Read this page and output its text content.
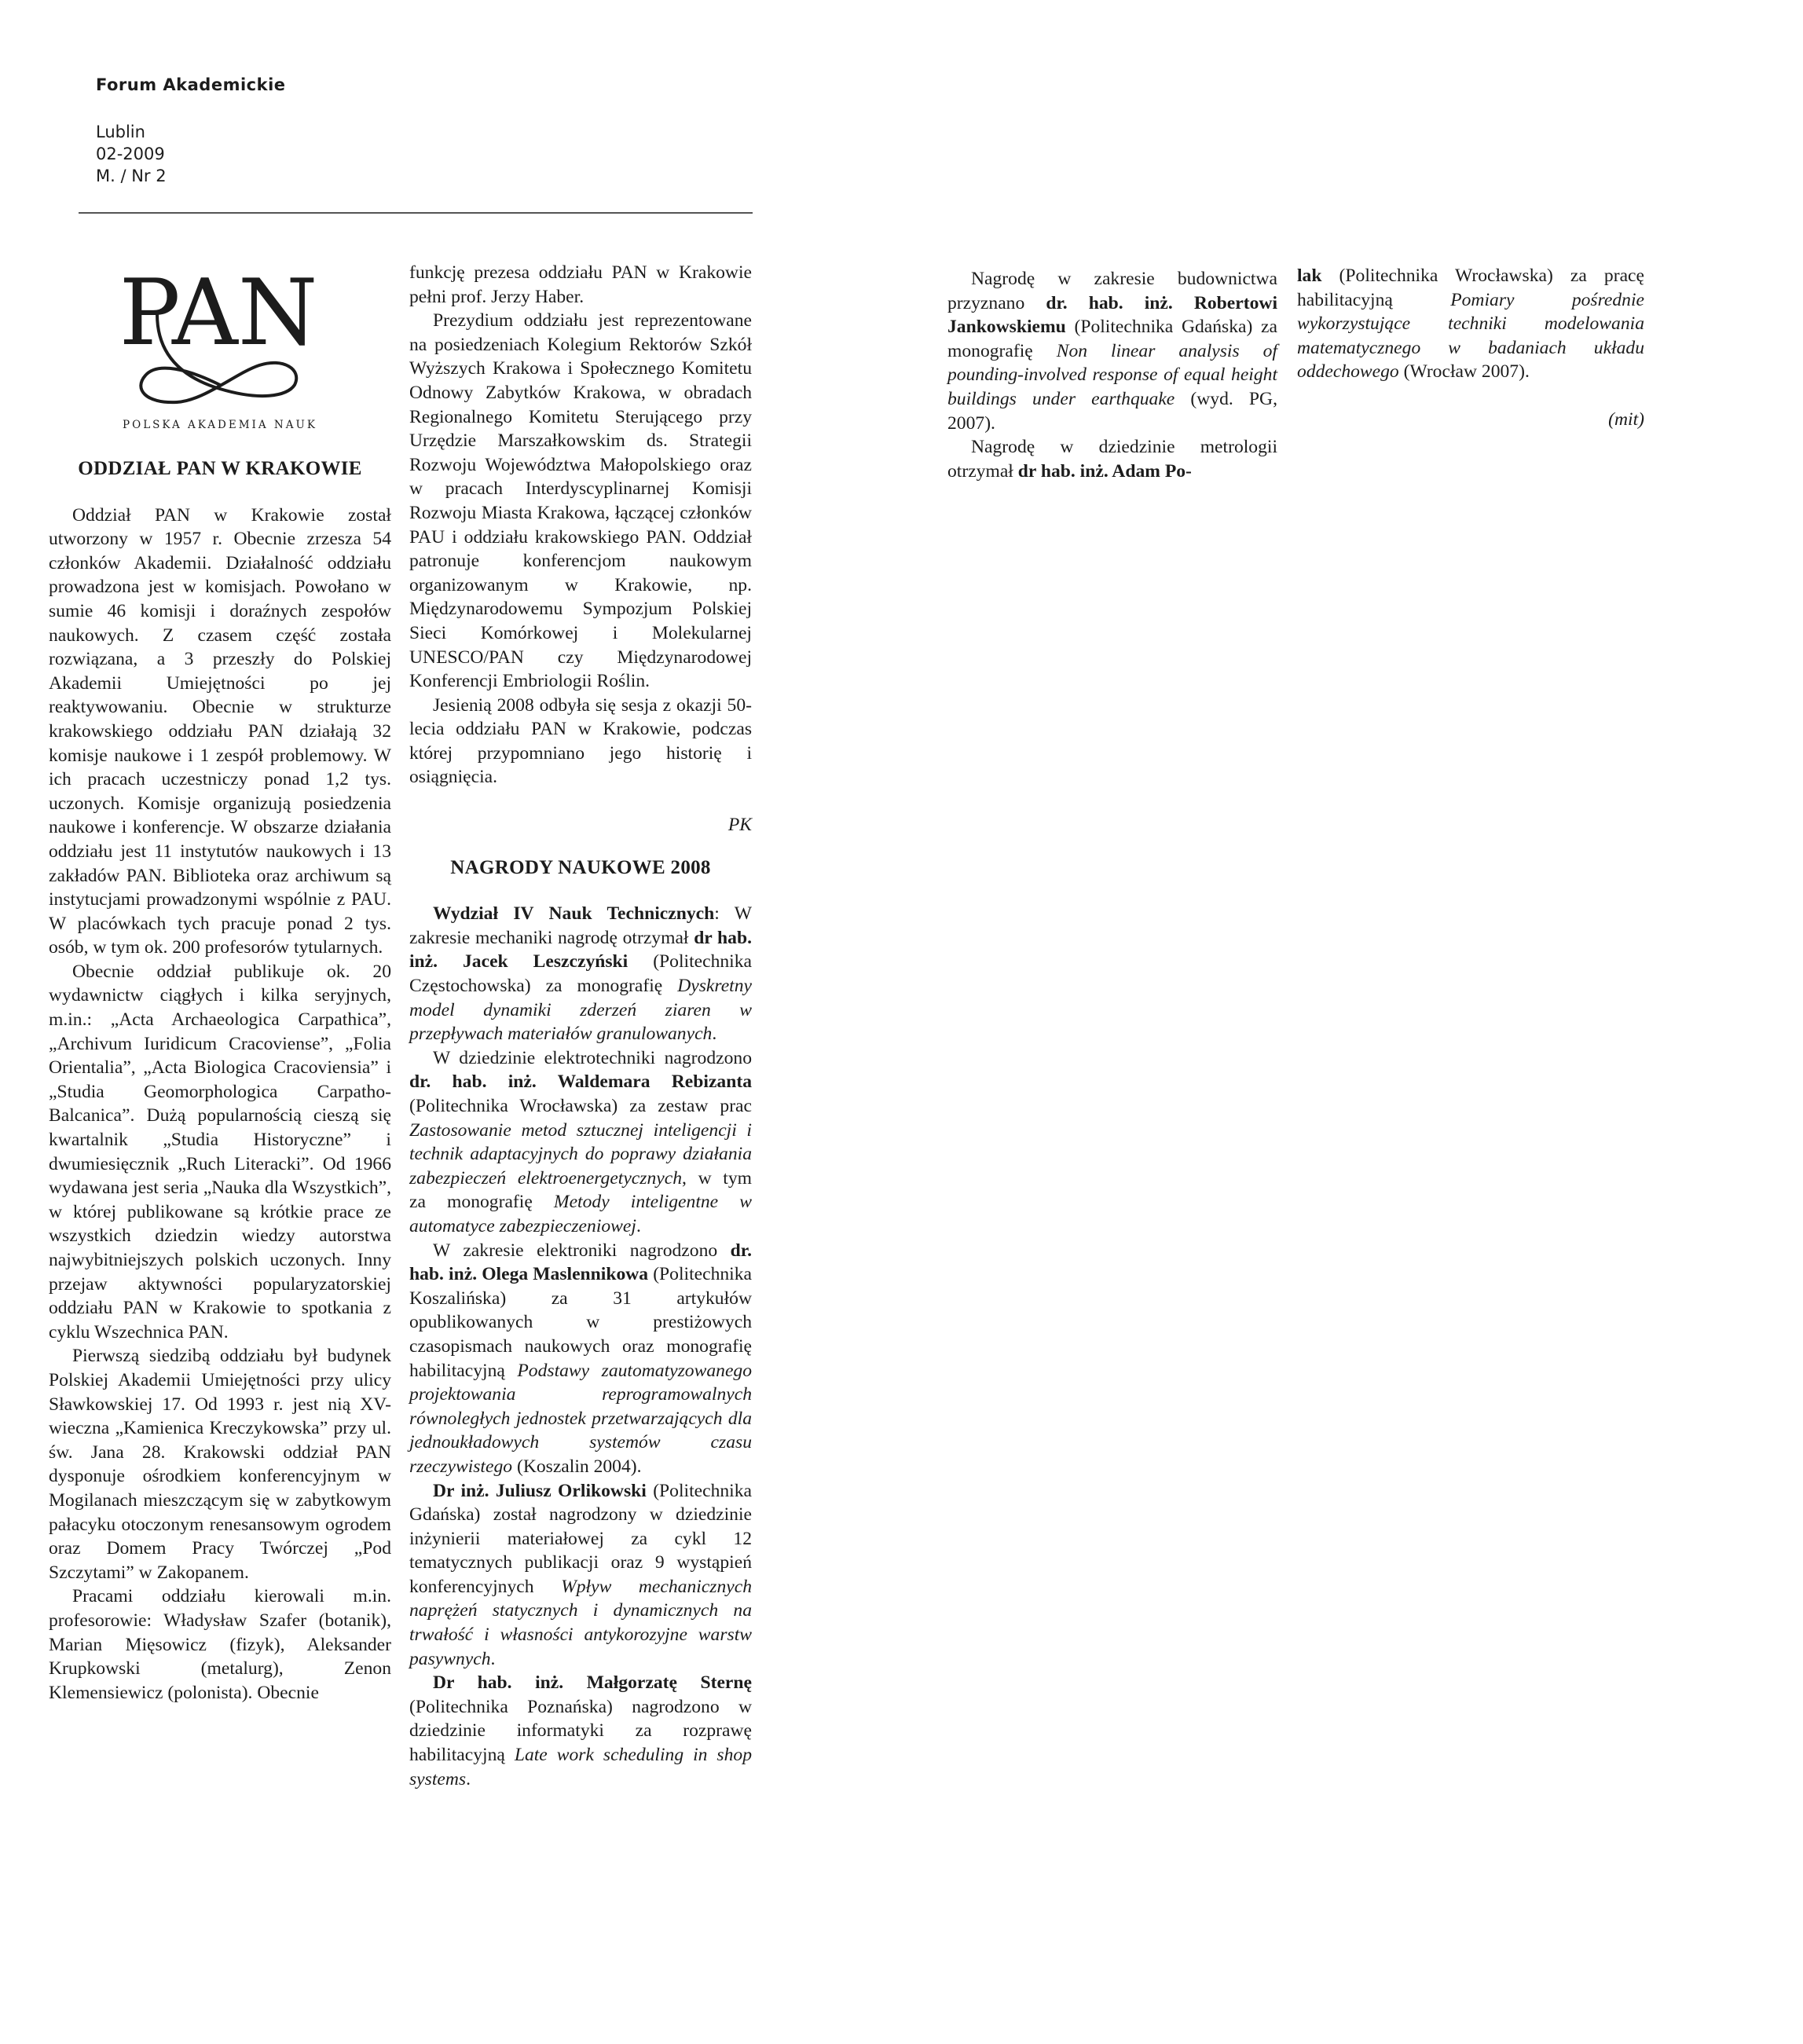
Forum Akademickie
Lublin
02-2009
M. / Nr 2
PAN
POLSKA AKADEMIA NAUK
ODDZIAŁ PAN W KRAKOWIE

Oddział PAN w Krakowie został utworzony w 1957 r. Obecnie zrzesza 54 członków Akademii. Działalność oddziału prowadzona jest w komisjach. Powołano w sumie 46 komisji i doraźnych zespołów naukowych. Z czasem część została rozwiązana, a 3 przeszły do Polskiej Akademii Umiejętności po jej reaktywowaniu. Obecnie w strukturze krakowskiego oddziału PAN działają 32 komisje naukowe i 1 zespół problemowy. W ich pracach uczestniczy ponad 1,2 tys. uczonych. Komisje organizują posiedzenia naukowe i konferencje. W obszarze działania oddziału jest 11 instytutów naukowych i 13 zakładów PAN. Biblioteka oraz archiwum są instytucjami prowadzonymi wspólnie z PAU. W placówkach tych pracuje ponad 2 tys. osób, w tym ok. 200 profesorów tytularnych.

Obecnie oddział publikuje ok. 20 wydawnictw ciągłych i kilka seryjnych, m.in.: „Acta Archaeologica Carpathica”, „Archivum Iuridicum Cracoviense”, „Folia Orientalia”, „Acta Biologica Cracoviensia” i „Studia Geomorphologica Carpatho-Balcanica”. Dużą popularnością cieszą się kwartalnik „Studia Historyczne” i dwumiesięcznik „Ruch Literacki”. Od 1966 wydawana jest seria „Nauka dla Wszystkich”, w której publikowane są krótkie prace ze wszystkich dziedzin wiedzy autorstwa najwybitniejszych polskich uczonych. Inny przejaw aktywności popularyzatorskiej oddziału PAN w Krakowie to spotkania z cyklu Wszechnica PAN.

Pierwszą siedzibą oddziału był budynek Polskiej Akademii Umiejętności przy ulicy Sławkowskiej 17. Od 1993 r. jest nią XV-wieczna „Kamienica Kreczykowska” przy ul. św. Jana 28. Krakowski oddział PAN dysponuje ośrodkiem konferencyjnym w Mogilanach mieszczącym się w zabytkowym pałacyku otoczonym renesansowym ogrodem oraz Domem Pracy Twórczej „Pod Szczytami” w Zakopanem.

Pracami oddziału kierowali m.in. profesorowie: Władysław Szafer (botanik), Marian Mięsowicz (fizyk), Aleksander Krupkowski (metalurg), Zenon Klemensiewicz (polonista). Obecnie

funkcję prezesa oddziału PAN w Krakowie pełni prof. Jerzy Haber.

Prezydium oddziału jest reprezentowane na posiedzeniach Kolegium Rektorów Szkół Wyższych Krakowa i Społecznego Komitetu Odnowy Zabytków Krakowa, w obradach Regionalnego Komitetu Sterującego przy Urzędzie Marszałkowskim ds. Strategii Rozwoju Województwa Małopolskiego oraz w pracach Interdyscyplinarnej Komisji Rozwoju Miasta Krakowa, łączącej członków PAU i oddziału krakowskiego PAN. Oddział patronuje konferencjom naukowym organizowanym w Krakowie, np. Międzynarodowemu Sympozjum Polskiej Sieci Komórkowej i Molekularnej UNESCO/PAN czy Międzynarodowej Konferencji Embriologii Roślin.

Jesienią 2008 odbyła się sesja z okazji 50-lecia oddziału PAN w Krakowie, podczas której przypomniano jego historię i osiągnięcia.

PK

NAGRODY NAUKOWE 2008

Wydział IV Nauk Technicznych: W zakresie mechaniki nagrodę otrzymał dr hab. inż. Jacek Leszczyński (Politechnika Częstochowska) za monografię Dyskretny model dynamiki zderzeń ziaren w przepływach materiałów granulowanych.

W dziedzinie elektrotechniki nagrodzono dr. hab. inż. Waldemara Rebizanta (Politechnika Wrocławska) za zestaw prac Zastosowanie metod sztucznej inteligencji i technik adaptacyjnych do poprawy działania zabezpieczeń elektroenergetycznych, w tym za monografię Metody inteligentne w automatyce zabezpieczeniowej.

W zakresie elektroniki nagrodzono dr. hab. inż. Olega Maslennikowa (Politechnika Koszalińska) za 31 artykułów opublikowanych w prestiżowych czasopismach naukowych oraz monografię habilitacyjną Podstawy zautomatyzowanego projektowania reprogramowalnych równoległych jednostek przetwarzających dla jednoukładowych systemów czasu rzeczywistego (Koszalin 2004).

Dr inż. Juliusz Orlikowski (Politechnika Gdańska) został nagrodzony w dziedzinie inżynierii materiałowej za cykl 12 tematycznych publikacji oraz 9 wystąpień konferencyjnych Wpływ mechanicznych naprężeń statycznych i dynamicznych na trwałość i własności antykorozyjne warstw pasywnych.

Dr hab. inż. Małgorzatę Sternę (Politechnika Poznańska) nagrodzono w dziedzinie informatyki za rozprawę habilitacyjną Late work scheduling in shop systems.

Nagrodę w zakresie budownictwa przyznano dr. hab. inż. Robertowi Jankowskiemu (Politechnika Gdańska) za monografię Non linear analysis of pounding-involved response of equal height buildings under earthquake (wyd. PG, 2007).

Nagrodę w dziedzinie metrologii otrzymał dr hab. inż. Adam Po-

lak (Politechnika Wrocławska) za pracę habilitacyjną Pomiary pośrednie wykorzystujące techniki modelowania matematycznego w badaniach układu oddechowego (Wrocław 2007).

(mit)
